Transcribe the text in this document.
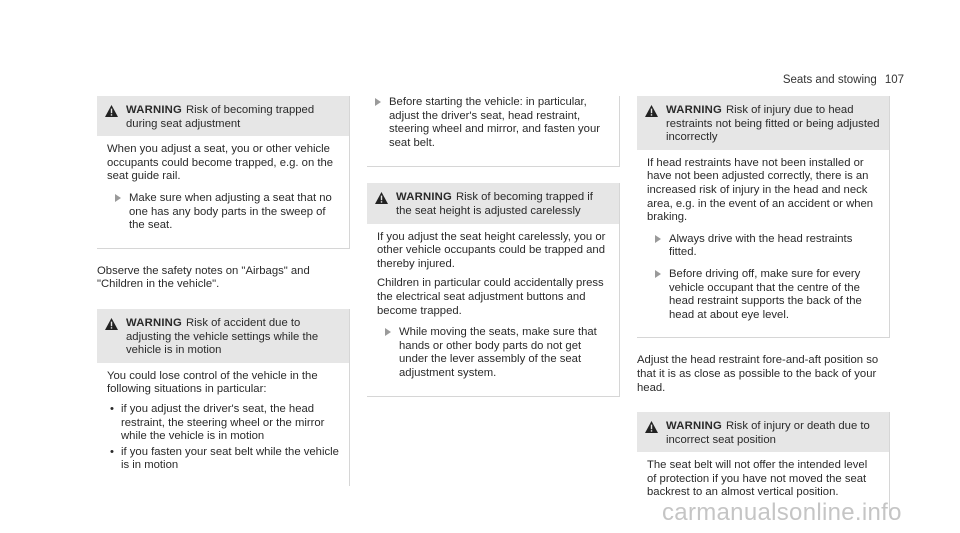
Seats and stowing 107
WARNING Risk of becoming trapped during seat adjustment

When you adjust a seat, you or other vehicle occupants could become trapped, e.g. on the seat guide rail.

Make sure when adjusting a seat that no one has any body parts in the sweep of the seat.

Observe the safety notes on "Airbags" and "Children in the vehicle".

WARNING Risk of accident due to adjusting the vehicle settings while the vehicle is in motion

You could lose control of the vehicle in the following situations in particular:

• if you adjust the driver's seat, the head restraint, the steering wheel or the mirror while the vehicle is in motion
• if you fasten your seat belt while the vehicle is in motion
Before starting the vehicle: in particular, adjust the driver's seat, head restraint, steering wheel and mirror, and fasten your seat belt.
WARNING Risk of becoming trapped if the seat height is adjusted carelessly

If you adjust the seat height carelessly, you or other vehicle occupants could be trapped and thereby injured.

Children in particular could accidentally press the electrical seat adjustment buttons and become trapped.

While moving the seats, make sure that hands or other body parts do not get under the lever assembly of the seat adjustment system.
WARNING Risk of injury due to head restraints not being fitted or being adjusted incorrectly

If head restraints have not been installed or have not been adjusted correctly, there is an increased risk of injury in the head and neck area, e.g. in the event of an accident or when braking.

Always drive with the head restraints fitted.
Before driving off, make sure for every vehicle occupant that the centre of the head restraint supports the back of the head at about eye level.

Adjust the head restraint fore-and-aft position so that it is as close as possible to the back of your head.

WARNING Risk of injury or death due to incorrect seat position

The seat belt will not offer the intended level of protection if you have not moved the seat backrest to an almost vertical position.

carmanualsonline.info
